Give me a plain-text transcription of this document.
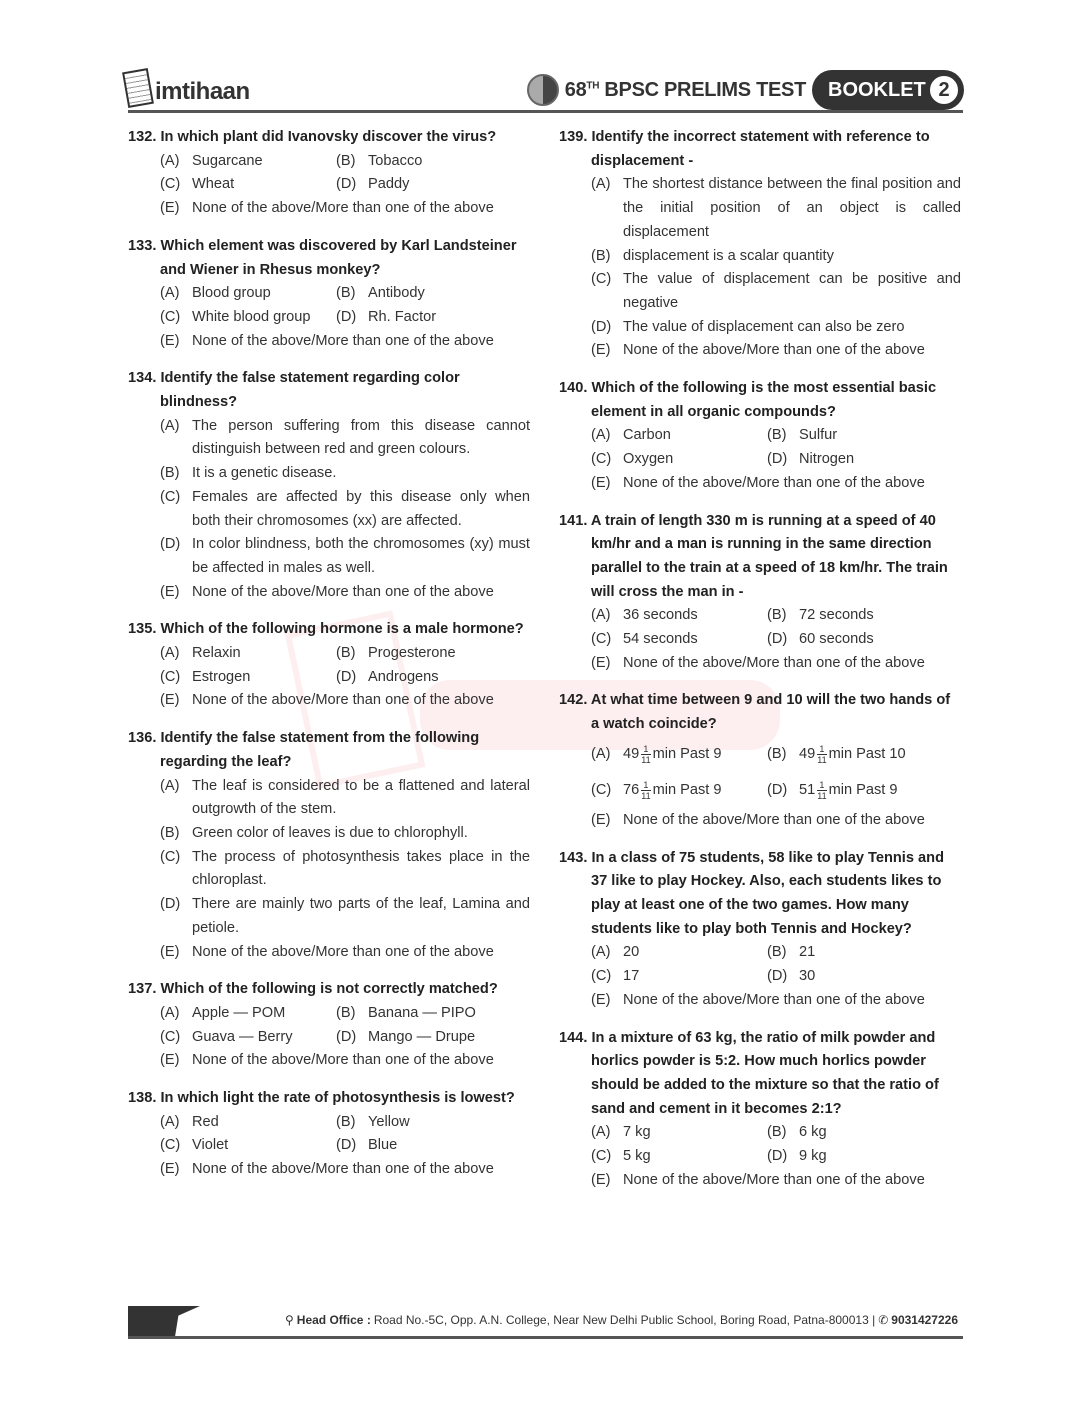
imtihaan	68TH BPSC PRELIMS TEST BOOKLET 2
132. In which plant did Ivanovsky discover the virus?
(A) Sugarcane	(B) Tobacco
(C) Wheat	(D) Paddy
(E) None of the above/More than one of the above
133. Which element was discovered by Karl Landsteiner and Wiener in Rhesus monkey?
(A) Blood group	(B) Antibody
(C) White blood group	(D) Rh. Factor
(E) None of the above/More than one of the above
134. Identify the false statement regarding color blindness?
(A) The person suffering from this disease cannot distinguish between red and green colours.
(B) It is a genetic disease.
(C) Females are affected by this disease only when both their chromosomes (xx) are affected.
(D) In color blindness, both the chromosomes (xy) must be affected in males as well.
(E) None of the above/More than one of the above
135. Which of the following hormone is a male hormone?
(A) Relaxin	(B) Progesterone
(C) Estrogen	(D) Androgens
(E) None of the above/More than one of the above
136. Identify the false statement from the following regarding the leaf?
(A) The leaf is considered to be a flattened and lateral outgrowth of the stem.
(B) Green color of leaves is due to chlorophyll.
(C) The process of photosynthesis takes place in the chloroplast.
(D) There are mainly two parts of the leaf, Lamina and petiole.
(E) None of the above/More than one of the above
137. Which of the following is not correctly matched?
(A) Apple — POM	(B) Banana — PIPO
(C) Guava — Berry	(D) Mango — Drupe
(E) None of the above/More than one of the above
138. In which light the rate of photosynthesis is lowest?
(A) Red	(B) Yellow
(C) Violet	(D) Blue
(E) None of the above/More than one of the above
139. Identify the incorrect statement with reference to displacement -
(A) The shortest distance between the final position and the initial position of an object is called displacement
(B) displacement is a scalar quantity
(C) The value of displacement can be positive and negative
(D) The value of displacement can also be zero
(E) None of the above/More than one of the above
140. Which of the following is the most essential basic element in all organic compounds?
(A) Carbon	(B) Sulfur
(C) Oxygen	(D) Nitrogen
(E) None of the above/More than one of the above
141. A train of length 330 m is running at a speed of 40 km/hr and a man is running in the same direction parallel to the train at a speed of 18 km/hr. The train will cross the man in -
(A) 36 seconds	(B) 72 seconds
(C) 54 seconds	(D) 60 seconds
(E) None of the above/More than one of the above
142. At what time between 9 and 10 will the two hands of a watch coincide?
(A) $49 \frac{1}{11}$ min Past 9	(B) $49 \frac{1}{11}$ min Past 10
(C) $76 \frac{1}{11}$ min Past 9	(D) $51 \frac{1}{11}$ min Past 9
(E) None of the above/More than one of the above
143. In a class of 75 students, 58 like to play Tennis and 37 like to play Hockey. Also, each students likes to play at least one of the two games. How many students like to play both Tennis and Hockey?
(A) 20	(B) 21
(C) 17	(D) 30
(E) None of the above/More than one of the above
144. In a mixture of 63 kg, the ratio of milk powder and horlics powder is 5:2. How much horlics powder should be added to the mixture so that the ratio of sand and cement in it becomes 2:1?
(A) 7 kg	(B) 6 kg
(C) 5 kg	(D) 9 kg
(E) None of the above/More than one of the above
⚲ Head Office : Road No.-5C, Opp. A.N. College, Near New Delhi Public School, Boring Road, Patna-800013 | ✆ 9031427226
